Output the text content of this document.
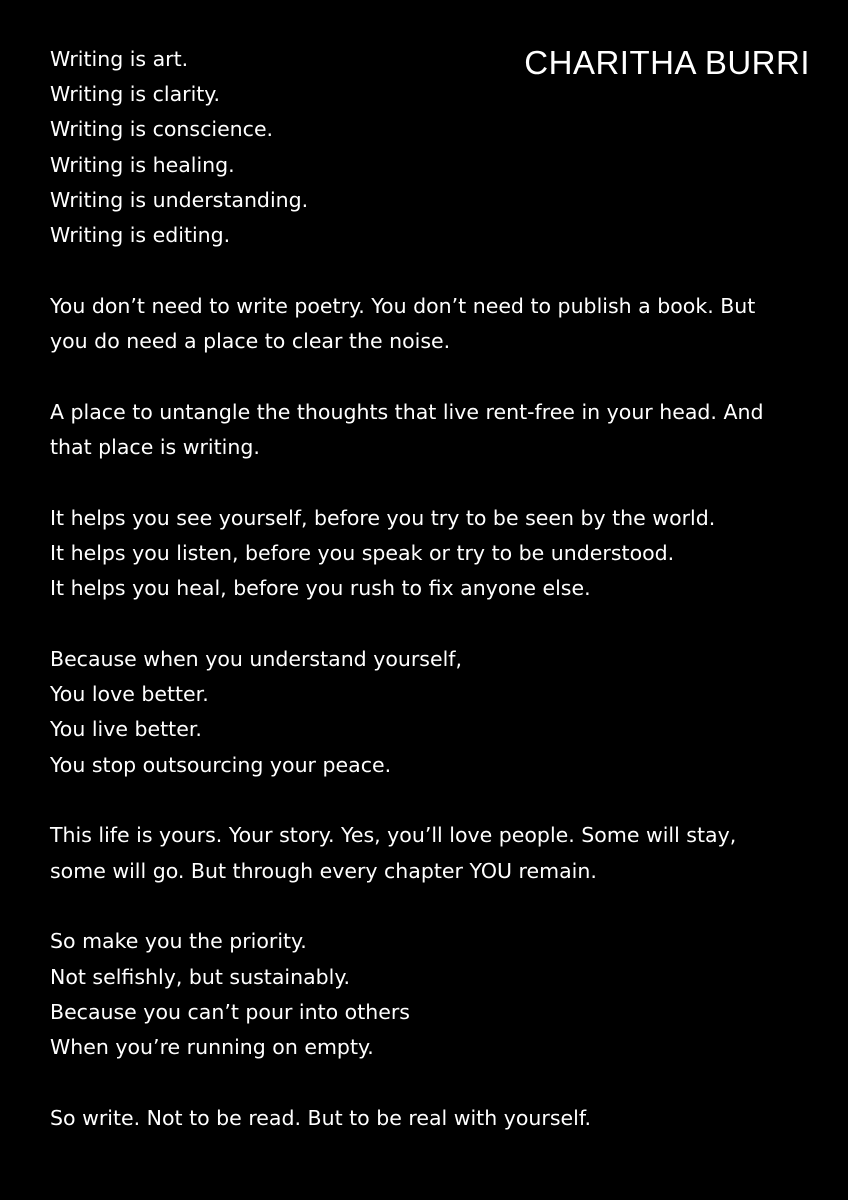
CHARITHA BURRI
Writing is art.
Writing is clarity.
Writing is conscience.
Writing is healing.
Writing is understanding.
Writing is editing.
You don’t need to write poetry. You don’t need to publish a book. But
you do need a place to clear the noise.
A place to untangle the thoughts that live rent-free in your head. And
that place is writing.
It helps you see yourself, before you try to be seen by the world.
It helps you listen, before you speak or try to be understood.
It helps you heal, before you rush to fix anyone else.
Because when you understand yourself,
You love better.
You live better.
You stop outsourcing your peace.
This life is yours. Your story. Yes, you’ll love people. Some will stay,
some will go. But through every chapter YOU remain.
So make you the priority.
Not selfishly, but sustainably.
Because you can’t pour into others
When you’re running on empty.
So write. Not to be read. But to be real with yourself.
